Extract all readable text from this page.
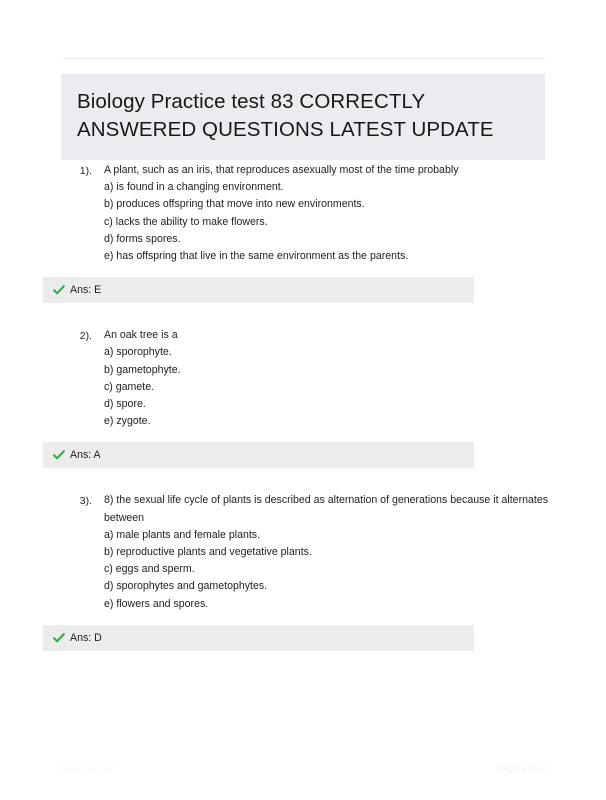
Biology Practice test 83 CORRECTLY ANSWERED QUESTIONS LATEST UPDATE
1). A plant, such as an iris, that reproduces asexually most of the time probably

a) is found in a changing environment.

b) produces offspring that move into new environments.

c) lacks the ability to make flowers.

d) forms spores.

e) has offspring that live in the same environment as the parents.

Ans: E
2). An oak tree is a

a) sporophyte.

b) gametophyte.

c) gamete.

d) spore.

e) zygote.

Ans: A
3). 8) the sexual life cycle of plants is described as alternation of generations because it alternates between

a) male plants and female plants.

b) reproductive plants and vegetative plants.

c) eggs and sperm.

d) sporophytes and gametophytes.

e) flowers and spores.

Ans: D
PaperTitle.com	Page 1 of 17
